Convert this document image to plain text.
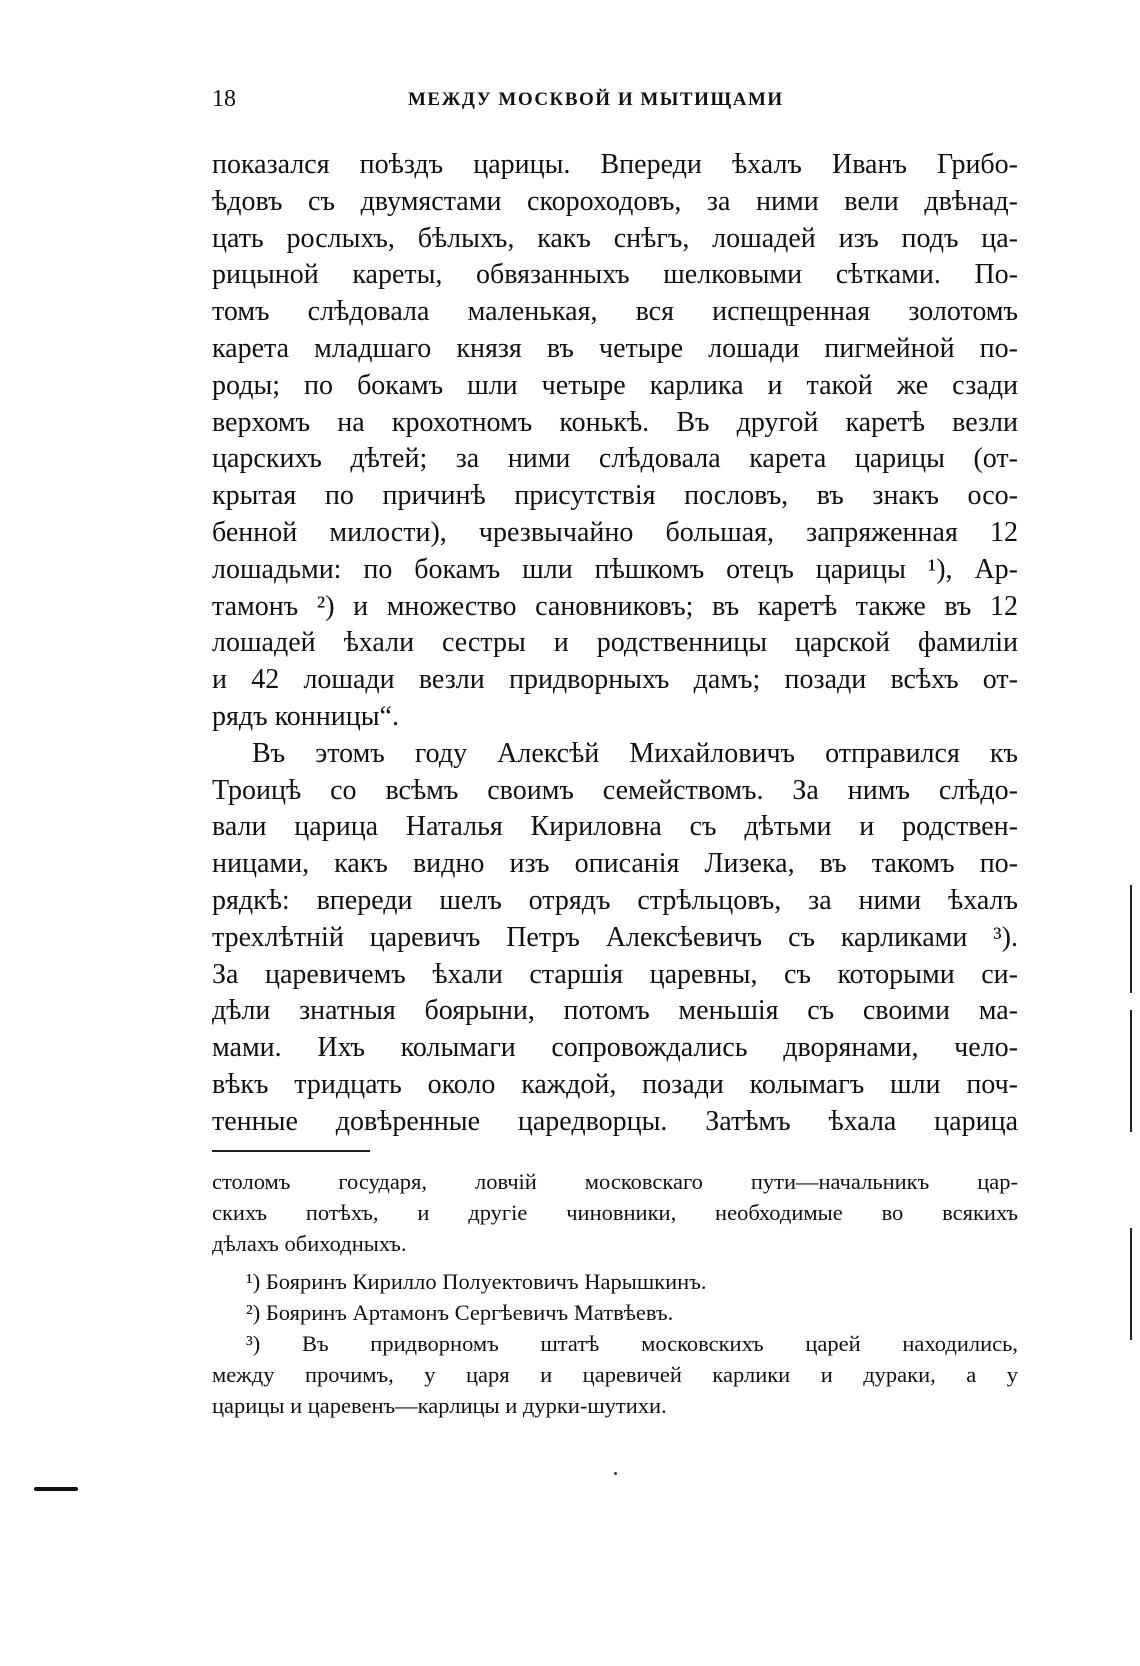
18	МЕЖДУ МОСКВОЙ И МЫТИЩАМИ
показался поѣздъ царицы. Впереди ѣхалъ Иванъ Грибо-
ѣдовъ съ двумястами скороходовъ, за ними вели двѣнад-
цать рослыхъ, бѣлыхъ, какъ снѣгъ, лошадей изъ подъ ца-
рицыной кареты, обвязанныхъ шелковыми сѣтками. По-
томъ слѣдовала маленькая, вся испещренная золотомъ
карета младшаго князя въ четыре лошади пигмейной по-
роды; по бокамъ шли четыре карлика и такой же сзади
верхомъ на крохотномъ конькѣ. Въ другой каретѣ везли
царскихъ дѣтей; за ними слѣдовала карета царицы (от-
крытая по причинѣ присутствія пословъ, въ знакъ осо-
бенной милости), чрезвычайно большая, запряженная 12
лошадьми: по бокамъ шли пѣшкомъ отецъ царицы ¹), Ар-
тамонъ ²) и множество сановниковъ; въ каретѣ также въ 12
лошадей ѣхали сестры и родственницы царской фамиліи
и 42 лошади везли придворныхъ дамъ; позади всѣхъ от-
рядъ конницы“.
Въ этомъ году Алексѣй Михайловичъ отправился къ
Троицѣ со всѣмъ своимъ семействомъ. За нимъ слѣдо-
вали царица Наталья Кириловна съ дѣтьми и родствен-
ницами, какъ видно изъ описанія Лизека, въ такомъ по-
рядкѣ: впереди шелъ отрядъ стрѣльцовъ, за ними ѣхалъ
трехлѣтній царевичъ Петръ Алексѣевичъ съ карликами ³).
За царевичемъ ѣхали старшія царевны, съ которыми си-
дѣли знатныя боярыни, потомъ меньшія съ своими ма-
мами. Ихъ колымаги сопровождались дворянами, чело-
вѣкъ тридцать около каждой, позади колымагъ шли поч-
тенные довѣренные царедворцы. Затѣмъ ѣхала царица
столомъ государя, ловчій московскаго пути—начальникъ цар-
скихъ потѣхъ, и другіе чиновники, необходимые во всякихъ
дѣлахъ обиходныхъ.
¹) Бояринъ Кирилло Полуектовичъ Нарышкинъ.
²) Бояринъ Артамонъ Сергѣевичъ Матвѣевъ.
³) Въ придворномъ штатѣ московскихъ царей находились,
между прочимъ, у царя и царевичей карлики и дураки, а у
царицы и царевенъ—карлицы и дурки-шутихи.
